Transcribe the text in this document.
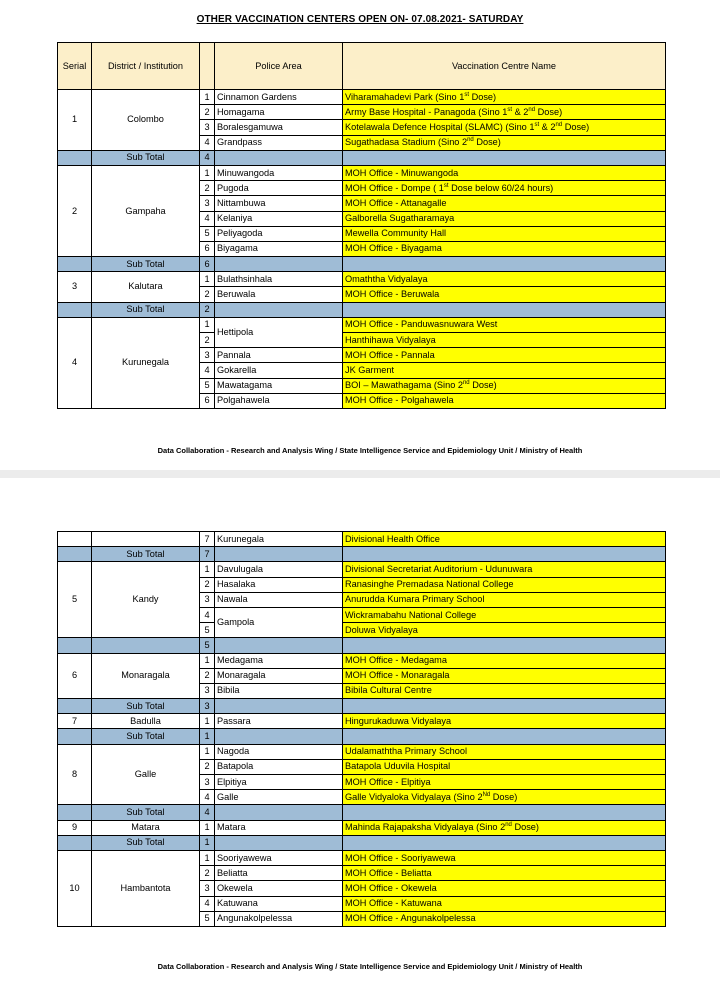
OTHER VACCINATION CENTERS OPEN ON- 07.08.2021- SATURDAY
Serial	District / Institution		Police Area	Vaccination Centre Name
1	Colombo	1	Cinnamon Gardens	Viharamahadevi Park (Sino 1st Dose)
		2	Homagama	Army Base Hospital - Panagoda (Sino 1st & 2nd Dose)
		3	Boralesgamuwa	Kotelawala Defence Hospital (SLAMC) (Sino 1st & 2nd Dose)
		4	Grandpass	Sugathadasa Stadium (Sino 2nd Dose)
	Sub Total	4		
2	Gampaha	1	Minuwangoda	MOH Office - Minuwangoda
		2	Pugoda	MOH Office - Dompe ( 1st Dose below 60/24 hours)
		3	Nittambuwa	MOH Office - Attanagalle
		4	Kelaniya	Galborella Sugatharamaya
		5	Peliyagoda	Mewella Community Hall
		6	Biyagama	MOH Office - Biyagama
	Sub Total	6		
3	Kalutara	1	Bulathsinhala	Omaththa Vidyalaya
		2	Beruwala	MOH Office - Beruwala
	Sub Total	2		
4	Kurunegala	1	Hettipola	MOH Office - Panduwasnuwara West
		2		Hanthihawa Vidyalaya
		3	Pannala	MOH Office - Pannala
		4	Gokarella	JK Garment
		5	Mawatagama	BOI – Mawathagama (Sino 2nd Dose)
		6	Polgahawela	MOH Office - Polgahawela
Data Collaboration - Research and Analysis Wing / State Intelligence Service and Epidemiology Unit / Ministry of Health
		7	Kurunegala	Divisional Health Office
	Sub Total	7		
5	Kandy	1	Davulugala	Divisional Secretariat Auditorium - Udunuwara
		2	Hasalaka	Ranasinghe Premadasa National College
		3	Nawala	Anurudda Kumara Primary School
		4	Gampola	Wickramabahu National College
		5		Doluwa Vidyalaya
		5		
6	Monaragala	1	Medagama	MOH Office - Medagama
		2	Monaragala	MOH Office - Monaragala
		3	Bibila	Bibila Cultural Centre
	Sub Total	3		
7	Badulla	1	Passara	Hingurukaduwa Vidyalaya
	Sub Total	1		
8	Galle	1	Nagoda	Udalamaththa Primary School
		2	Batapola	Batapola Uduvila Hospital
		3	Elpitiya	MOH Office - Elpitiya
		4	Galle	Galle Vidyaloka Vidyalaya (Sino 2Nd Dose)
	Sub Total	4		
9	Matara	1	Matara	Mahinda Rajapaksha Vidyalaya (Sino 2nd Dose)
	Sub Total	1		
10	Hambantota	1	Sooriyawewa	MOH Office - Sooriyawewa
		2	Beliatta	MOH Office - Beliatta
		3	Okewela	MOH Office - Okewela
		4	Katuwana	MOH Office - Katuwana
		5	Angunakolpelessa	MOH Office - Angunakolpelessa
Data Collaboration - Research and Analysis Wing / State Intelligence Service and Epidemiology Unit / Ministry of Health
